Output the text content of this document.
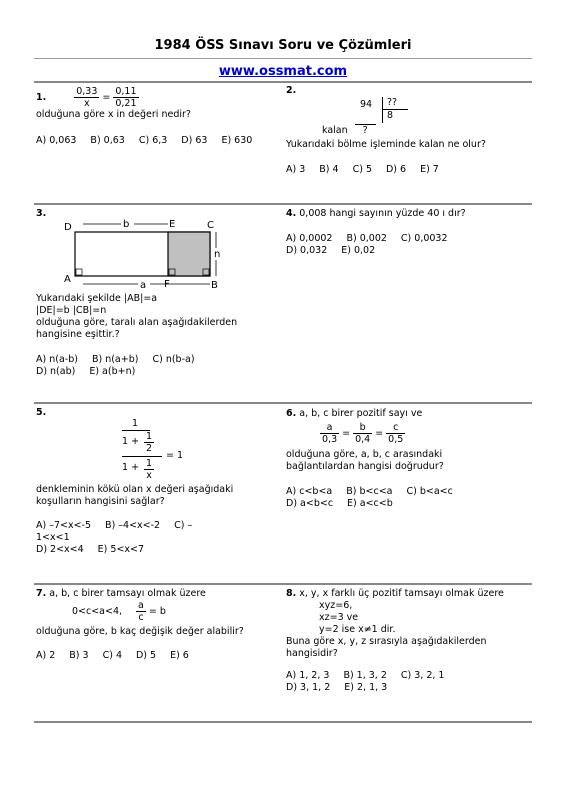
1984 ÖSS Sınavı Soru ve Çözümleri
www.ossmat.com
1.	$\frac{0,33}{x} = \frac{0,11}{0,21}$
olduğuna göre x in değeri nedir?
A) 0,063 B) 0,63 C) 6,3 D) 63 E) 630
2.
94 ??
8
kalan ?
Yukarıdaki bölme işleminde kalan ne olur?
A) 3 B) 4 C) 5 D) 6 E) 7
3.
D	b	E	C
n
A
a F	B
Yukarıdaki şekilde |AB|=a
|DE|=b |CB|=n
olduğuna göre, taralı alan aşağıdakilerden
hangisine eşittir.?
A) n(a-b) B) n(a+b) C) n(b-a)
D) n(ab) E) a(b+n)
4. 0,008 hangi sayının yüzde 40 ı dır?
A) 0,0002 B) 0,002 C) 0,0032
D) 0,032 E) 0,02
5.
1
$1 + \frac{1}{2}$
= 1
$1 + \frac{1}{x}$
denkleminin kökü olan x değeri aşağıdaki
koşulların hangisini sağlar?
A) –7<x<-5 B) –4<x<-2 C) –
1<x<1
D) 2<x<4 E) 5<x<7
6. a, b, c birer pozitif sayı ve
$\frac{a}{0,3} = \frac{b}{0,4} = \frac{c}{0,5}$
olduğuna göre, a, b, c arasındaki
bağlantılardan hangisi doğrudur?
A) c<b<a B) b<c<a C) b<a<c
D) a<b<c E) a<c<b
7. a, b, c birer tamsayı olmak üzere
0<c<a<4, $\frac{a}{c} = b$
olduğuna göre, b kaç değişik değer alabilir?
A) 2 B) 3 C) 4 D) 5 E) 6
8. x, y, x farklı üç pozitif tamsayı olmak üzere
xyz=6,
xz=3 ve
y=2 ise x≠1 dir.
Buna göre x, y, z sırasıyla aşağıdakilerden
hangisidir?
A) 1, 2, 3 B) 1, 3, 2 C) 3, 2, 1
D) 3, 1, 2 E) 2, 1, 3
